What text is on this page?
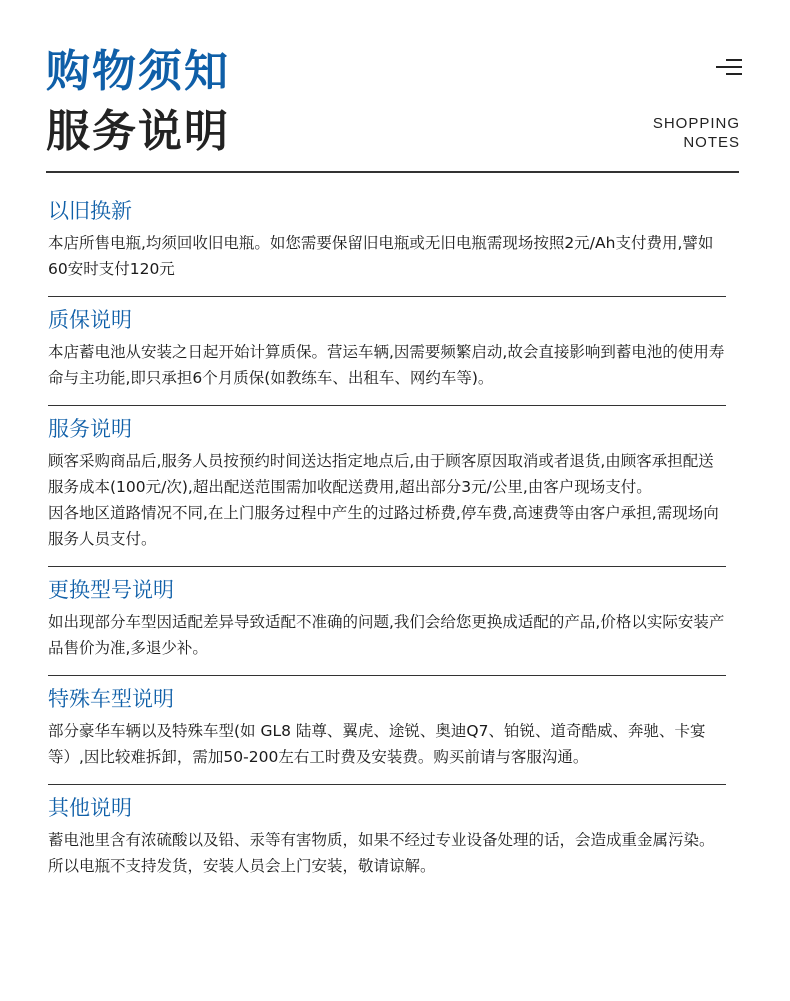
购物须知
服务说明	SHOPPING
NOTES
以旧换新

本店所售电瓶,均须回收旧电瓶。如您需要保留旧电瓶或无旧电瓶需现场按照2元/Ah支付费用,譬如60安时支付120元

质保说明

本店蓄电池从安装之日起开始计算质保。营运车辆,因需要频繁启动,故会直接影响到蓄电池的使用寿命与主功能,即只承担6个月质保(如教练车、出租车、网约车等)。

服务说明

顾客采购商品后,服务人员按预约时间送达指定地点后,由于顾客原因取消或者退货,由顾客承担配送服务成本(100元/次),超出配送范围需加收配送费用,超出部分3元/公里,由客户现场支付。

因各地区道路情况不同,在上门服务过程中产生的过路过桥费,停车费,高速费等由客户承担,需现场向服务人员支付。

更换型号说明

如出现部分车型因适配差异导致适配不准确的问题,我们会给您更换成适配的产品,价格以实际安装产品售价为准,多退少补。

特殊车型说明

部分豪华车辆以及特殊车型(如 GL8 陆尊、翼虎、途锐、奥迪Q7、铂锐、道奇酷威、奔驰、卡宴等）,因比较难拆卸，需加50-200左右工时费及安装费。购买前请与客服沟通。

其他说明

蓄电池里含有浓硫酸以及铅、汞等有害物质，如果不经过专业设备处理的话，会造成重金属污染。所以电瓶不支持发货，安装人员会上门安装，敬请谅解。
